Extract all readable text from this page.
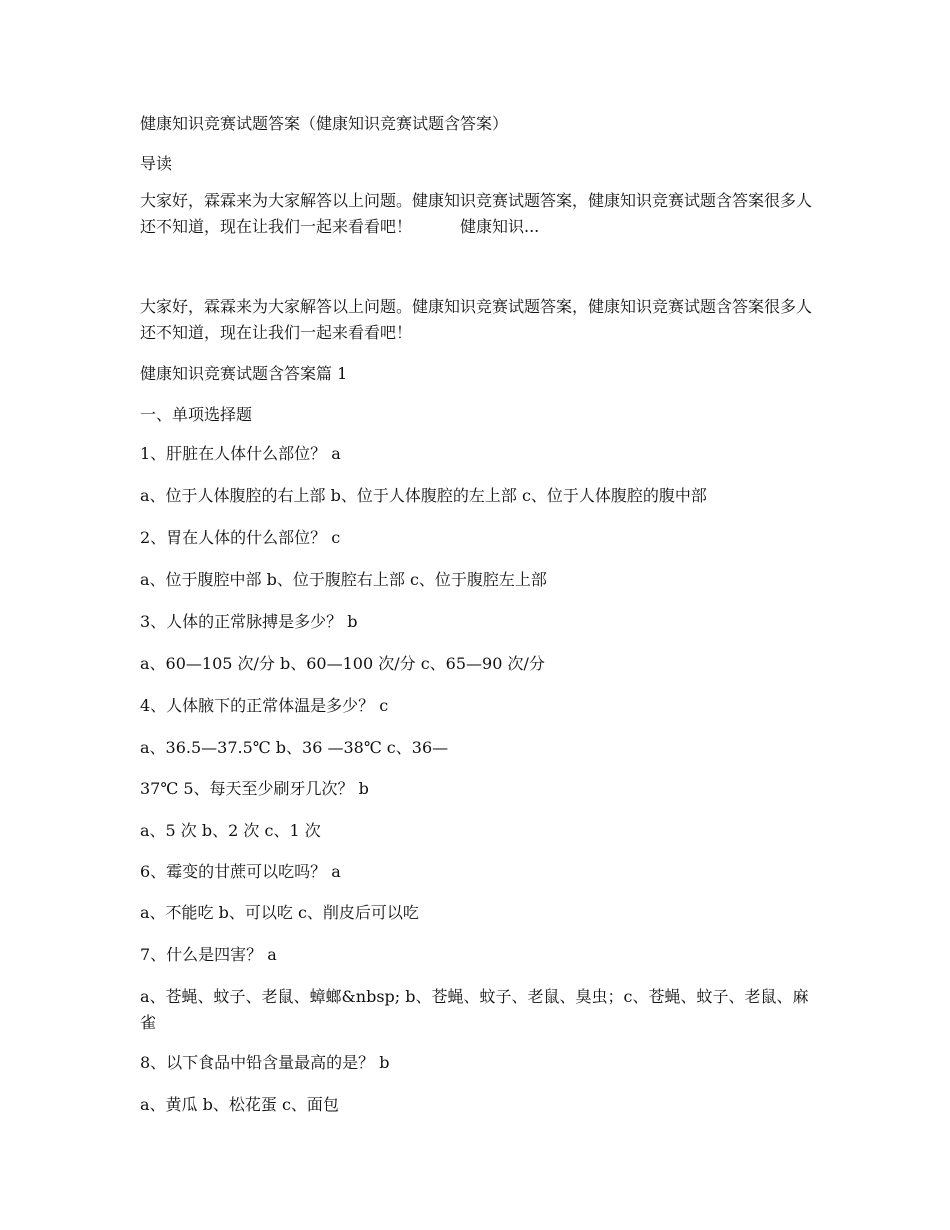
健康知识竞赛试题答案（健康知识竞赛试题含答案）

导读

大家好，霖霖来为大家解答以上问题。健康知识竞赛试题答案，健康知识竞赛试题含答案很多人还不知道，现在让我们一起来看看吧！　　　健康知识...

大家好，霖霖来为大家解答以上问题。健康知识竞赛试题答案，健康知识竞赛试题含答案很多人还不知道，现在让我们一起来看看吧！

健康知识竞赛试题含答案篇 1

一、单项选择题

1、肝脏在人体什么部位？ a

a、位于人体腹腔的右上部 b、位于人体腹腔的左上部 c、位于人体腹腔的腹中部

2、胃在人体的什么部位？ c

a、位于腹腔中部 b、位于腹腔右上部 c、位于腹腔左上部

3、人体的正常脉搏是多少？ b

a、60—105 次/分 b、60—100 次/分 c、65—90 次/分

4、人体腋下的正常体温是多少？ c

a、36.5—37.5℃ b、36 —38℃ c、36—

37℃ 5、每天至少刷牙几次？ b

a、5 次 b、2 次 c、1 次

6、霉变的甘蔗可以吃吗？ a

a、不能吃 b、可以吃 c、削皮后可以吃

7、什么是四害？ a

a、苍蝇、蚊子、老鼠、蟑螂&nbsp; b、苍蝇、蚊子、老鼠、臭虫；c、苍蝇、蚊子、老鼠、麻雀

8、以下食品中铅含量最高的是？ b

a、黄瓜 b、松花蛋 c、面包
